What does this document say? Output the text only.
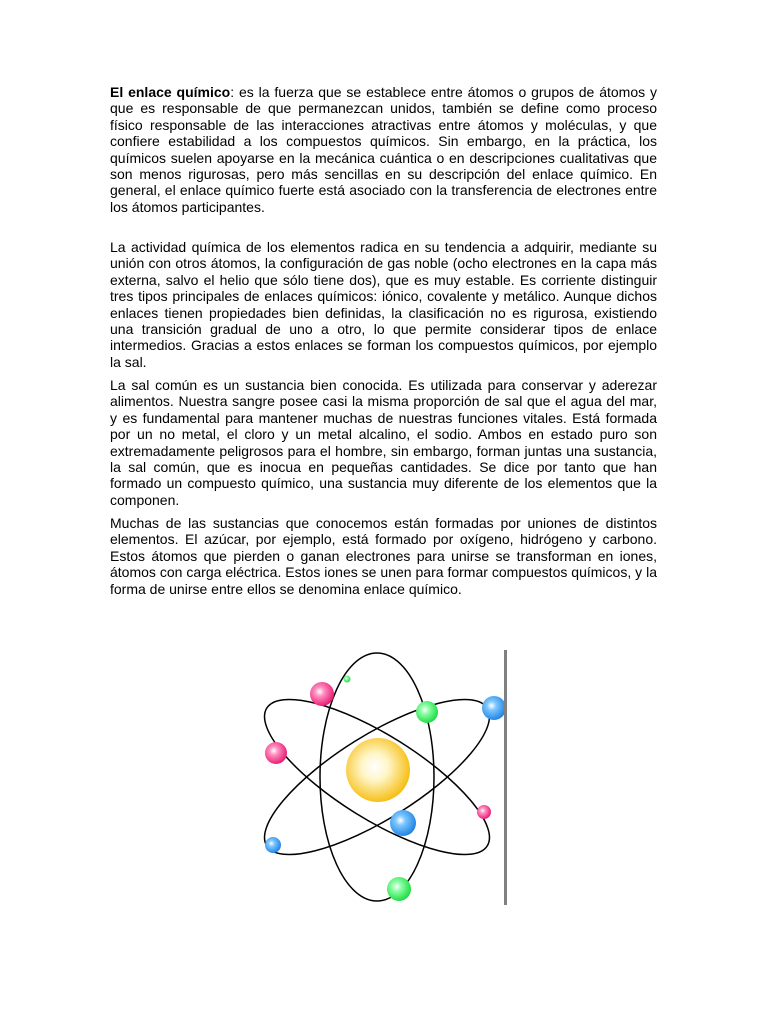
El enlace químico: es la fuerza que se establece entre átomos o grupos de átomos y que es responsable de que permanezcan unidos, también se define como proceso físico responsable de las interacciones atractivas entre átomos y moléculas, y que confiere estabilidad a los compuestos químicos. Sin embargo, en la práctica, los químicos suelen apoyarse en la mecánica cuántica o en descripciones cualitativas que son menos rigurosas, pero más sencillas en su descripción del enlace químico. En general, el enlace químico fuerte está asociado con la transferencia de electrones entre los átomos participantes.

La actividad química de los elementos radica en su tendencia a adquirir, mediante su unión con otros átomos, la configuración de gas noble (ocho electrones en la capa más externa, salvo el helio que sólo tiene dos), que es muy estable. Es corriente distinguir tres tipos principales de enlaces químicos: iónico, covalente y metálico. Aunque dichos enlaces tienen propiedades bien definidas, la clasificación no es rigurosa, existiendo una transición gradual de uno a otro, lo que permite considerar tipos de enlace intermedios. Gracias a estos enlaces se forman los compuestos químicos, por ejemplo la sal.

La sal común es un sustancia bien conocida. Es utilizada para conservar y aderezar alimentos. Nuestra sangre posee casi la misma proporción de sal que el agua del mar, y es fundamental para mantener muchas de nuestras funciones vitales. Está formada por un no metal, el cloro y un metal alcalino, el sodio. Ambos en estado puro son extremadamente peligrosos para el hombre, sin embargo, forman juntas una sustancia, la sal común, que es inocua en pequeñas cantidades. Se dice por tanto que han formado un compuesto químico, una sustancia muy diferente de los elementos que la componen.

Muchas de las sustancias que conocemos están formadas por uniones de distintos elementos. El azúcar, por ejemplo, está formado por oxígeno, hidrógeno y carbono. Estos átomos que pierden o ganan electrones para unirse se transforman en iones, átomos con carga eléctrica. Estos iones se unen para formar compuestos químicos, y la forma de unirse entre ellos se denomina enlace químico.
